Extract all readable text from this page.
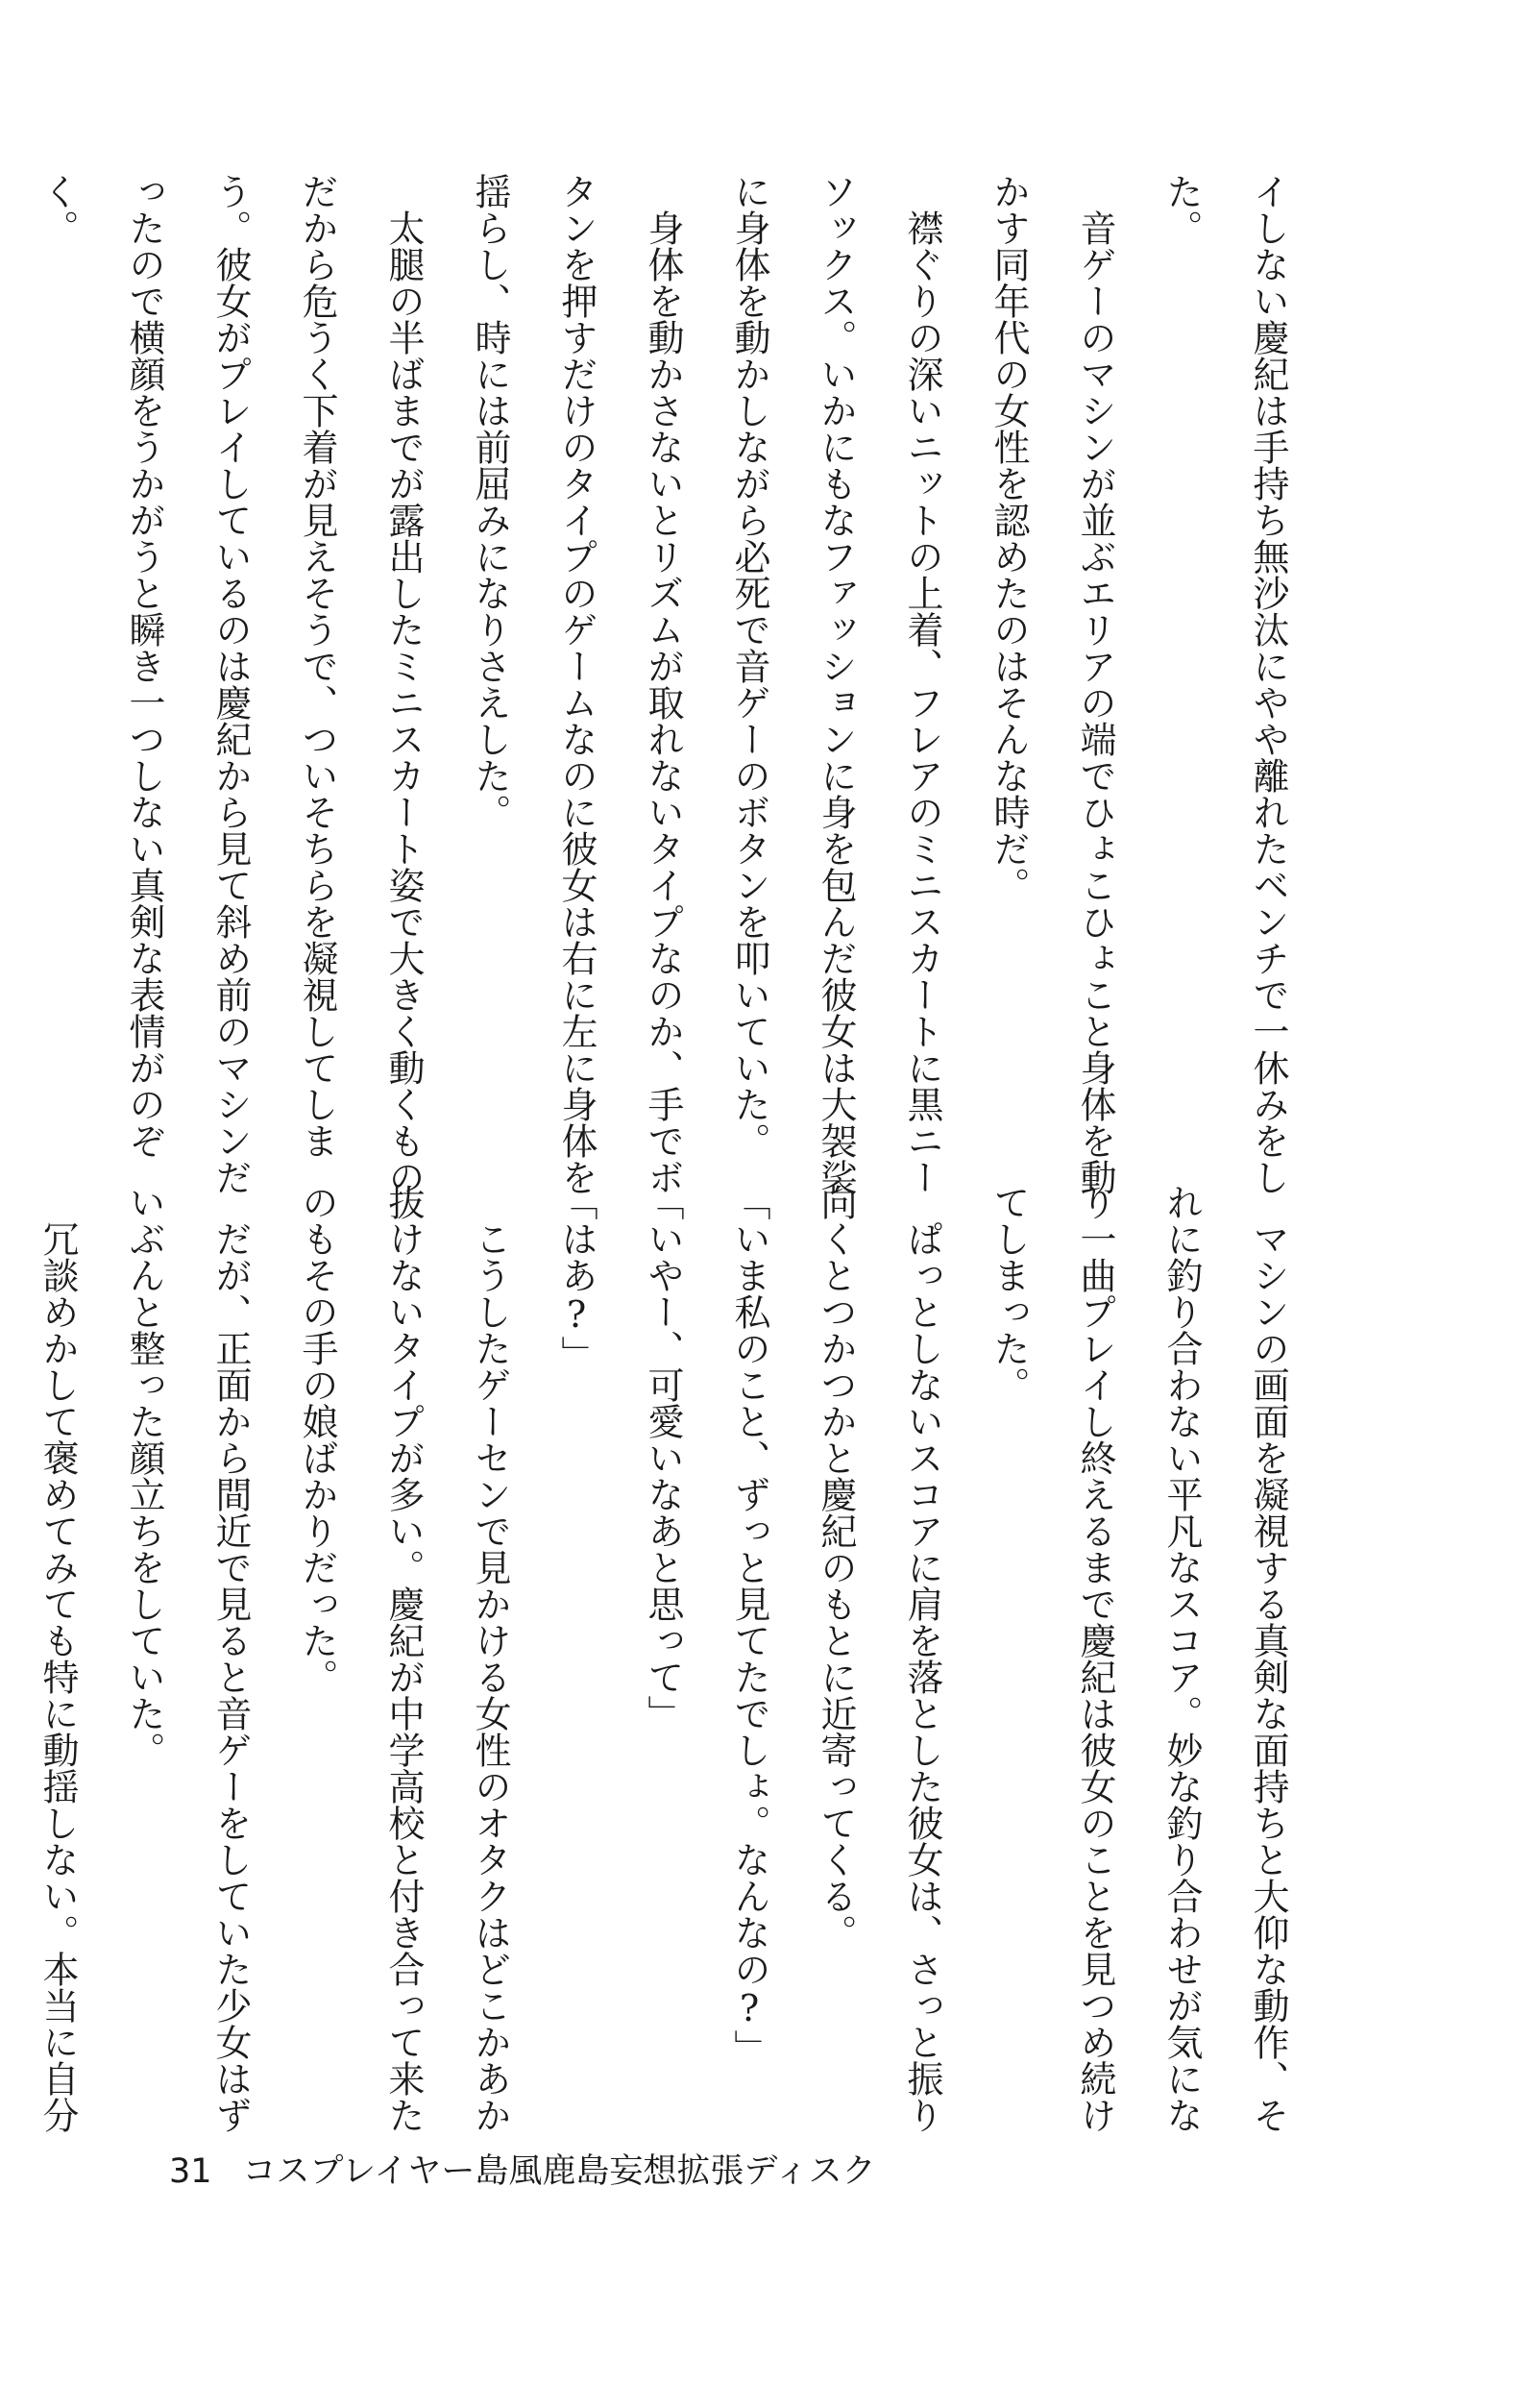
イしない慶紀は手持ち無沙汰にやや離れたベンチで一休みをした。

音ゲーのマシンが並ぶエリアの端でひょこひょこと身体を動かす同年代の女性を認めたのはそんな時だ。

襟ぐりの深いニットの上着、フレアのミニスカートに黒ニーソックス。いかにもなファッションに身を包んだ彼女は大袈裟に身体を動かしながら必死で音ゲーのボタンを叩いていた。

身体を動かさないとリズムが取れないタイプなのか、手でボタンを押すだけのタイプのゲームなのに彼女は右に左に身体を揺らし、時には前屈みになりさえした。

太腿の半ばまでが露出したミニスカート姿で大きく動くものだから危うく下着が見えそうで、ついそちらを凝視してしまう。彼女がプレイしているのは慶紀から見て斜め前のマシンだったので横顔をうかがうと瞬き一つしない真剣な表情がのぞく。

マシンの画面を凝視する真剣な面持ちと大仰な動作、それに釣り合わない平凡なスコア。妙な釣り合わせが気になり一曲プレイし終えるまで慶紀は彼女のことを見つめ続けてしまった。

ぱっとしないスコアに肩を落とした彼女は、さっと振り向くとつかつかと慶紀のもとに近寄ってくる。

「いま私のこと、ずっと見てたでしょ。なんなの?」

「いやー、可愛いなあと思って」

「はあ?」

こうしたゲーセンで見かける女性のオタクはどこかあか抜けないタイプが多い。慶紀が中学高校と付き合って来たのもその手の娘ばかりだった。

だが、正面から間近で見ると音ゲーをしていた少女はずいぶんと整った顔立ちをしていた。

冗談めかして褒めてみても特に動揺しない。本当に自分

31 コスプレイヤー島風鹿島妄想拡張ディスク
